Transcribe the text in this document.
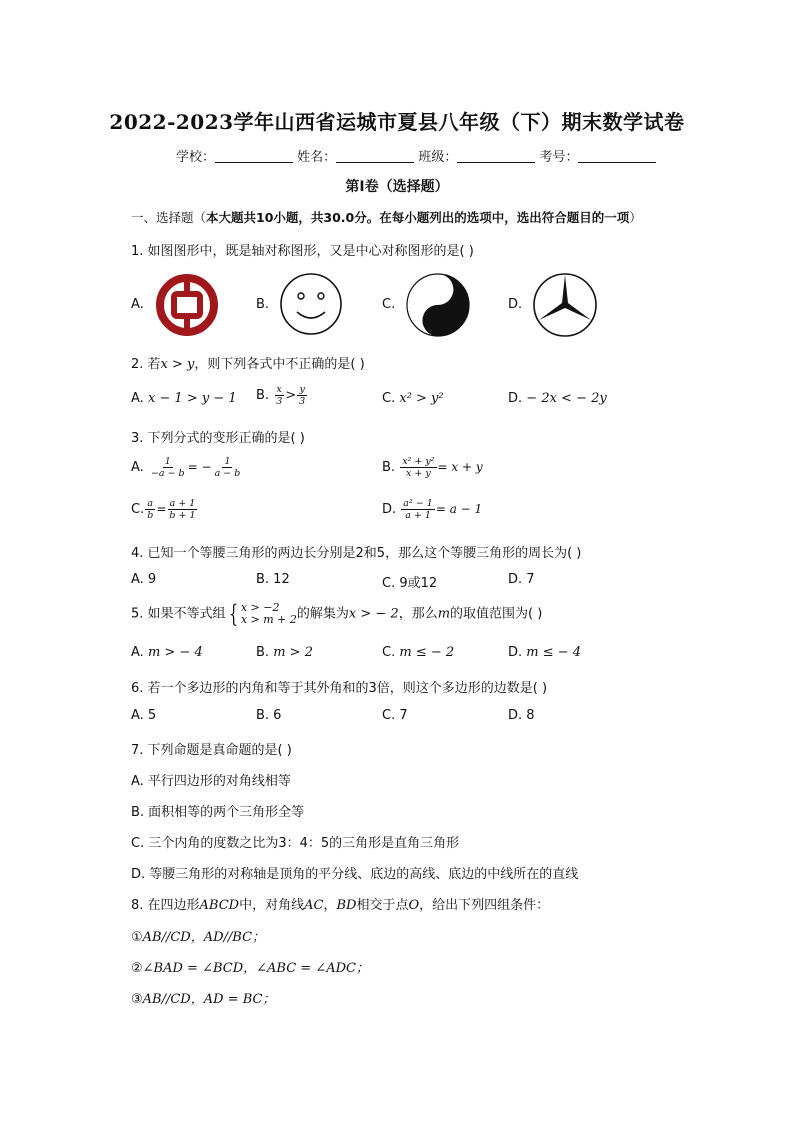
2022-2023学年山西省运城市夏县八年级（下）期末数学试卷
学校：	姓名：	班级：	考号：
第I卷（选择题）
一、选择题（本大题共10小题，共30.0分。在每小题列出的选项中，选出符合题目的一项）
1. 如图图形中，既是轴对称图形，又是中心对称图形的是( )
A.	B.	C.	D.
2. 若x > y，则下列各式中不正确的是( )
A. x − 1 > y − 1 B. $\frac{x}{3} > \frac{y}{3}$	C. x² > y²	D. − 2x < − 2y
3. 下列分式的变形正确的是( )
A. $\frac{1}{-a - b}$ = − $\frac{1}{a - b}$	B. $\frac{\text{x² + y²}}{x + y} = x + y$
C. $\frac{a}{b} = \frac{a + 1}{b + 1}$	D. $\frac{\text{a² − 1}}{a + 1} = a - 1$
4. 已知一个等腰三角形的两边长分别是2和5，那么这个等腰三角形的周长为( )
A. 9	B. 12	C. 9或12	D. 7
5. 如果不等式组 { x > −2
x > m + 2的解集为x > − 2，那么m的取值范围为( )
A. m > − 4	B. m > 2	C. m ≤ − 2	D. m ≤ − 4
6. 若一个多边形的内角和等于其外角和的3倍，则这个多边形的边数是( )
A. 5	B. 6	C. 7	D. 8
7. 下列命题是真命题的是( )
A. 平行四边形的对角线相等
B. 面积相等的两个三角形全等
C. 三个内角的度数之比为3：4：5的三角形是直角三角形
D. 等腰三角形的对称轴是顶角的平分线、底边的高线、底边的中线所在的直线
8. 在四边形ABCD中，对角线AC，BD相交于点O，给出下列四组条件：
①AB//CD，AD//BC；
②∠BAD = ∠BCD，∠ABC = ∠ADC；
③AB//CD，AD = BC；
